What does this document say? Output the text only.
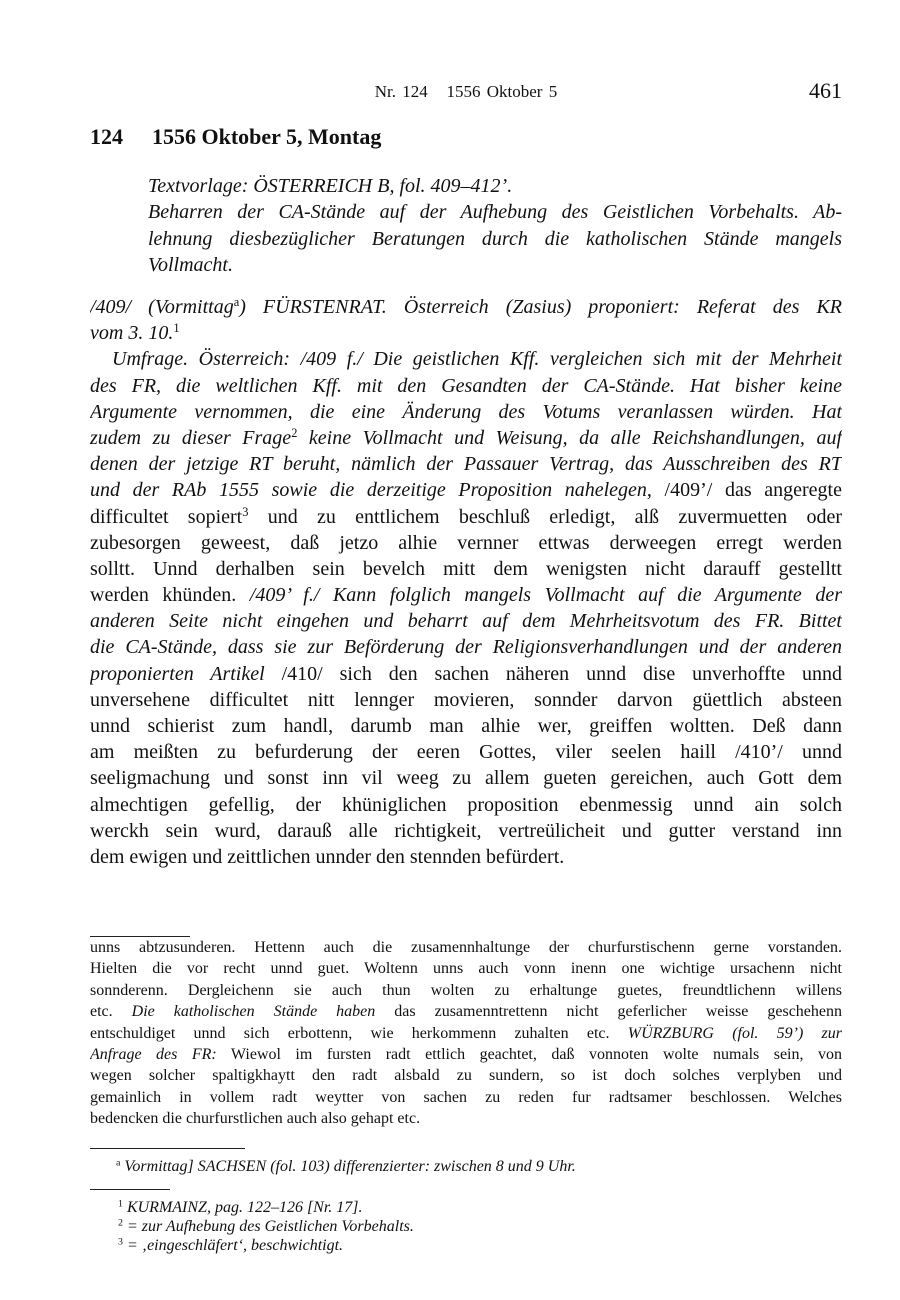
Nr. 124   1556 Oktober 5	461
124 1556 Oktober 5, Montag
Textvorlage: ÖSTERREICH B, fol. 409–412’.
Beharren der CA-Stände auf der Aufhebung des Geistlichen Vorbehalts. Ab-
lehnung diesbezüglicher Beratungen durch die katholischen Stände mangels
Vollmacht.
/409/ (Vormittag$^a$) FÜRSTENRAT. Österreich (Zasius) proponiert: Referat des KR
vom 3. 10.$^1$
Umfrage. Österreich: /409 f./ Die geistlichen Kff. vergleichen sich mit der Mehrheit
des FR, die weltlichen Kff. mit den Gesandten der CA-Stände. Hat bisher keine
Argumente vernommen, die eine Änderung des Votums veranlassen würden. Hat
zudem zu dieser Frage$^2$ keine Vollmacht und Weisung, da alle Reichshandlungen, auf
denen der jetzige RT beruht, nämlich der Passauer Vertrag, das Ausschreiben des RT
und der RAb 1555 sowie die derzeitige Proposition nahelegen, /409’/ das angeregte
difficultet sopiert$^3$ und zu enttlichem beschluß erledigt, alß zuvermuetten oder
zubesorgen geweest, daß jetzo alhie vernner ettwas derweegen erregt werden
solltt. Unnd derhalben sein bevelch mitt dem wenigsten nicht darauff gestelltt
werden khünden. /409’ f./ Kann folglich mangels Vollmacht auf die Argumente der
anderen Seite nicht eingehen und beharrt auf dem Mehrheitsvotum des FR. Bittet
die CA-Stände, dass sie zur Beförderung der Religionsverhandlungen und der anderen
proponierten Artikel /410/ sich den sachen näheren unnd dise unverhoffte unnd
unversehene difficultet nitt lennger movieren, sonnder darvon güettlich absteen
unnd schierist zum handl, darumb man alhie wer, greiffen woltten. Deß dann
am meißten zu befurderung der eeren Gottes, viler seelen haill /410’/ unnd
seeligmachung und sonst inn vil weeg zu allem gueten gereichen, auch Gott dem
almechtigen gefellig, der khüniglichen proposition ebenmessig unnd ain solch
werckh sein wurd, darauß alle richtigkeit, vertreülicheit und gutter verstand inn
dem ewigen und zeittlichen unnder den stennden befürdert.
unns abtzusunderen. Hettenn auch die zusamennhaltunge der churfurstischenn gerne vorstanden.
Hielten die vor recht unnd guet. Woltenn unns auch vonn inenn one wichtige ursachenn nicht
sonnderenn. Dergleichenn sie auch thun wolten zu erhaltunge guetes, freundtlichenn willens
etc. Die katholischen Stände haben das zusamenntrettenn nicht geferlicher weisse geschehenn
entschuldiget unnd sich erbottenn, wie herkommenn zuhalten etc. WÜRZBURG (fol. 59’) zur
Anfrage des FR: Wiewol im fursten radt ettlich geachtet, daß vonnoten wolte numals sein, von
wegen solcher spaltigkhaytt den radt alsbald zu sundern, so ist doch solches verplyben und
gemainlich in vollem radt weytter von sachen zu reden fur radtsamer beschlossen. Welches
bedencken die churfurstlichen auch also gehapt etc.
$^a$ Vormittag] SACHSEN (fol. 103) differenzierter: zwischen 8 und 9 Uhr.
$^1$ KURMAINZ, pag. 122–126 [Nr. 17].
$^2$ = zur Aufhebung des Geistlichen Vorbehalts.
$^3$ = ‚eingeschläfert‘, beschwichtigt.
